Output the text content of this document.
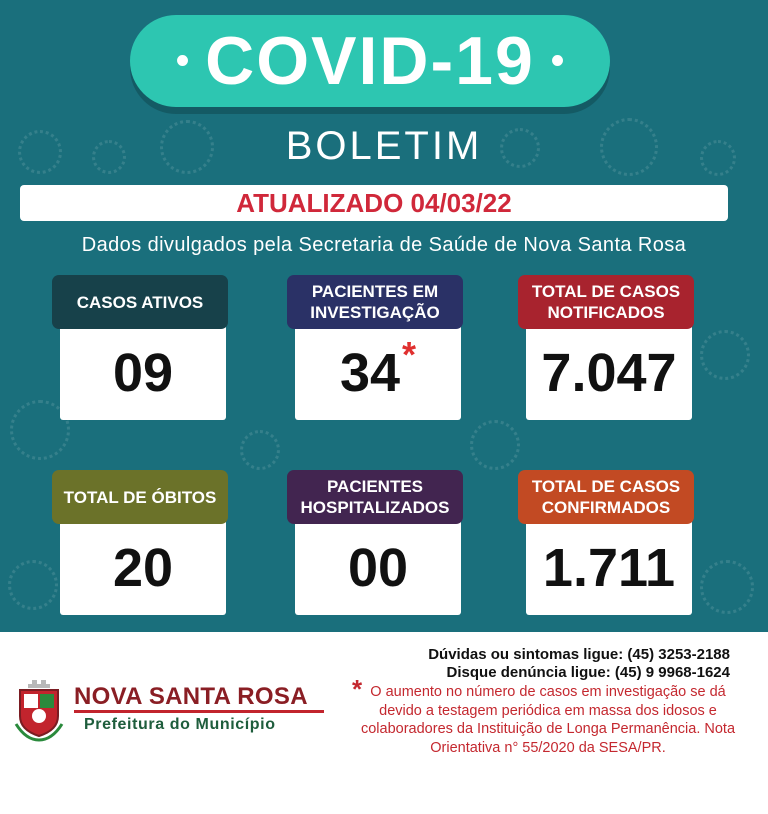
• COVID-19 •
BOLETIM
ATUALIZADO 04/03/22
Dados divulgados pela Secretaria de Saúde de Nova Santa Rosa
CASOS ATIVOS
09
PACIENTES EM INVESTIGAÇÃO
34 *
TOTAL DE CASOS NOTIFICADOS
7.047
TOTAL DE ÓBITOS
20
PACIENTES HOSPITALIZADOS
00
TOTAL DE CASOS CONFIRMADOS
1.711
NOVA SANTA ROSA
Prefeitura do Município
Dúvidas ou sintomas ligue: (45) 3253-2188
Disque denúncia ligue: (45) 9 9968-1624
* O aumento no número de casos em investigação se dá devido a testagem periódica em massa dos idosos e colaboradores da Instituição de Longa Permanência. Nota Orientativa n° 55/2020 da SESA/PR.
